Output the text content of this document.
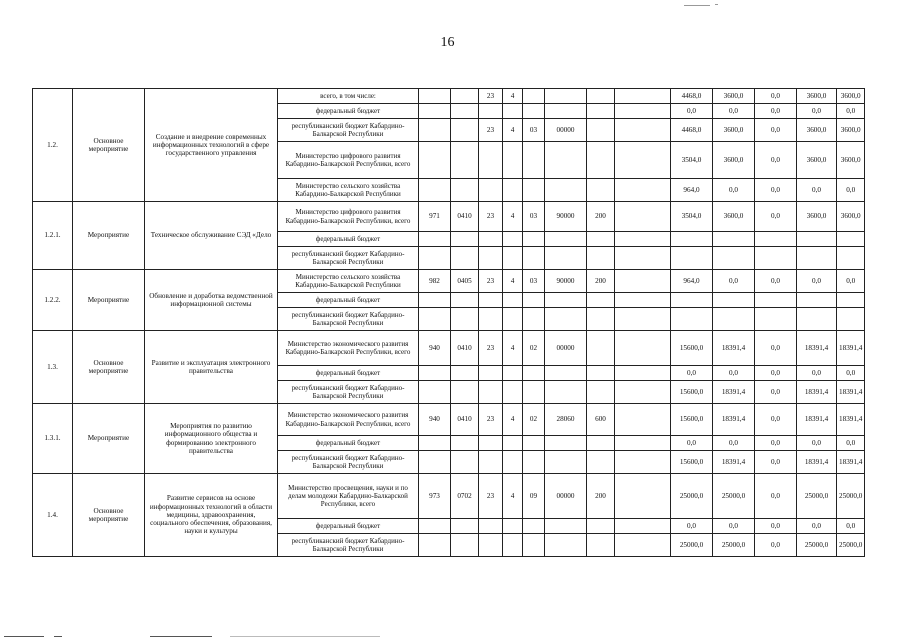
16
1.2.	Основное мероприятие	Создание и внедрение современных информационных технологий в сфере государственного управления	всего, в том числе:			23	4					4468,0	3600,0	0,0	3600,0	3600,0
			федеральный бюджет									0,0	0,0	0,0	0,0	0,0
			республиканский бюджет Кабардино-Балкарской Республики			23	4	03	00000			4468,0	3600,0	0,0	3600,0	3600,0
			Министерство цифрового развития Кабардино-Балкарской Республики, всего									3504,0	3600,0	0,0	3600,0	3600,0
			Министерство сельского хозяйства Кабардино-Балкарской Республики									964,0	0,0	0,0	0,0	0,0
1.2.1.	Мероприятие	Техническое обслуживание СЭД «Дело	Министерство цифрового развития Кабардино-Балкарской Республики, всего	971	0410	23	4	03	90000	200		3504,0	3600,0	0,0	3600,0	3600,0
			федеральный бюджет													
			республиканский бюджет Кабардино-Балкарской Республики													
1.2.2.	Мероприятие	Обновление и доработка ведомственной информационной системы	Министерство сельского хозяйства Кабардино-Балкарской Республики	982	0405	23	4	03	90000	200		964,0	0,0	0,0	0,0	0,0
			федеральный бюджет													
			республиканский бюджет Кабардино-Балкарской Республики													
1.3.	Основное мероприятие	Развитие и эксплуатация электронного правительства	Министерство экономического развития Кабардино-Балкарской Республики, всего	940	0410	23	4	02	00000			15600,0	18391,4	0,0	18391,4	18391,4
			федеральный бюджет									0,0	0,0	0,0	0,0	0,0
			республиканский бюджет Кабардино-Балкарской Республики									15600,0	18391,4	0,0	18391,4	18391,4
1.3.1.	Мероприятие	Мероприятия по развитию информационного общества и формированию электронного правительства	Министерство экономического развития Кабардино-Балкарской Республики, всего	940	0410	23	4	02	28060	600		15600,0	18391,4	0,0	18391,4	18391,4
			федеральный бюджет									0,0	0,0	0,0	0,0	0,0
			республиканский бюджет Кабардино-Балкарской Республики									15600,0	18391,4	0,0	18391,4	18391,4
1.4.	Основное мероприятие	Развитие сервисов на основе информационных технологий в области медицины, здравоохранения, социального обеспечения, образования, науки и культуры	Министерство просвещения, науки и по делам молодежи Кабардино-Балкарской Республики, всего	973	0702	23	4	09	00000	200		25000,0	25000,0	0,0	25000,0	25000,0
			федеральный бюджет									0,0	0,0	0,0	0,0	0,0
			республиканский бюджет Кабардино-Балкарской Республики									25000,0	25000,0	0,0	25000,0	25000,0
